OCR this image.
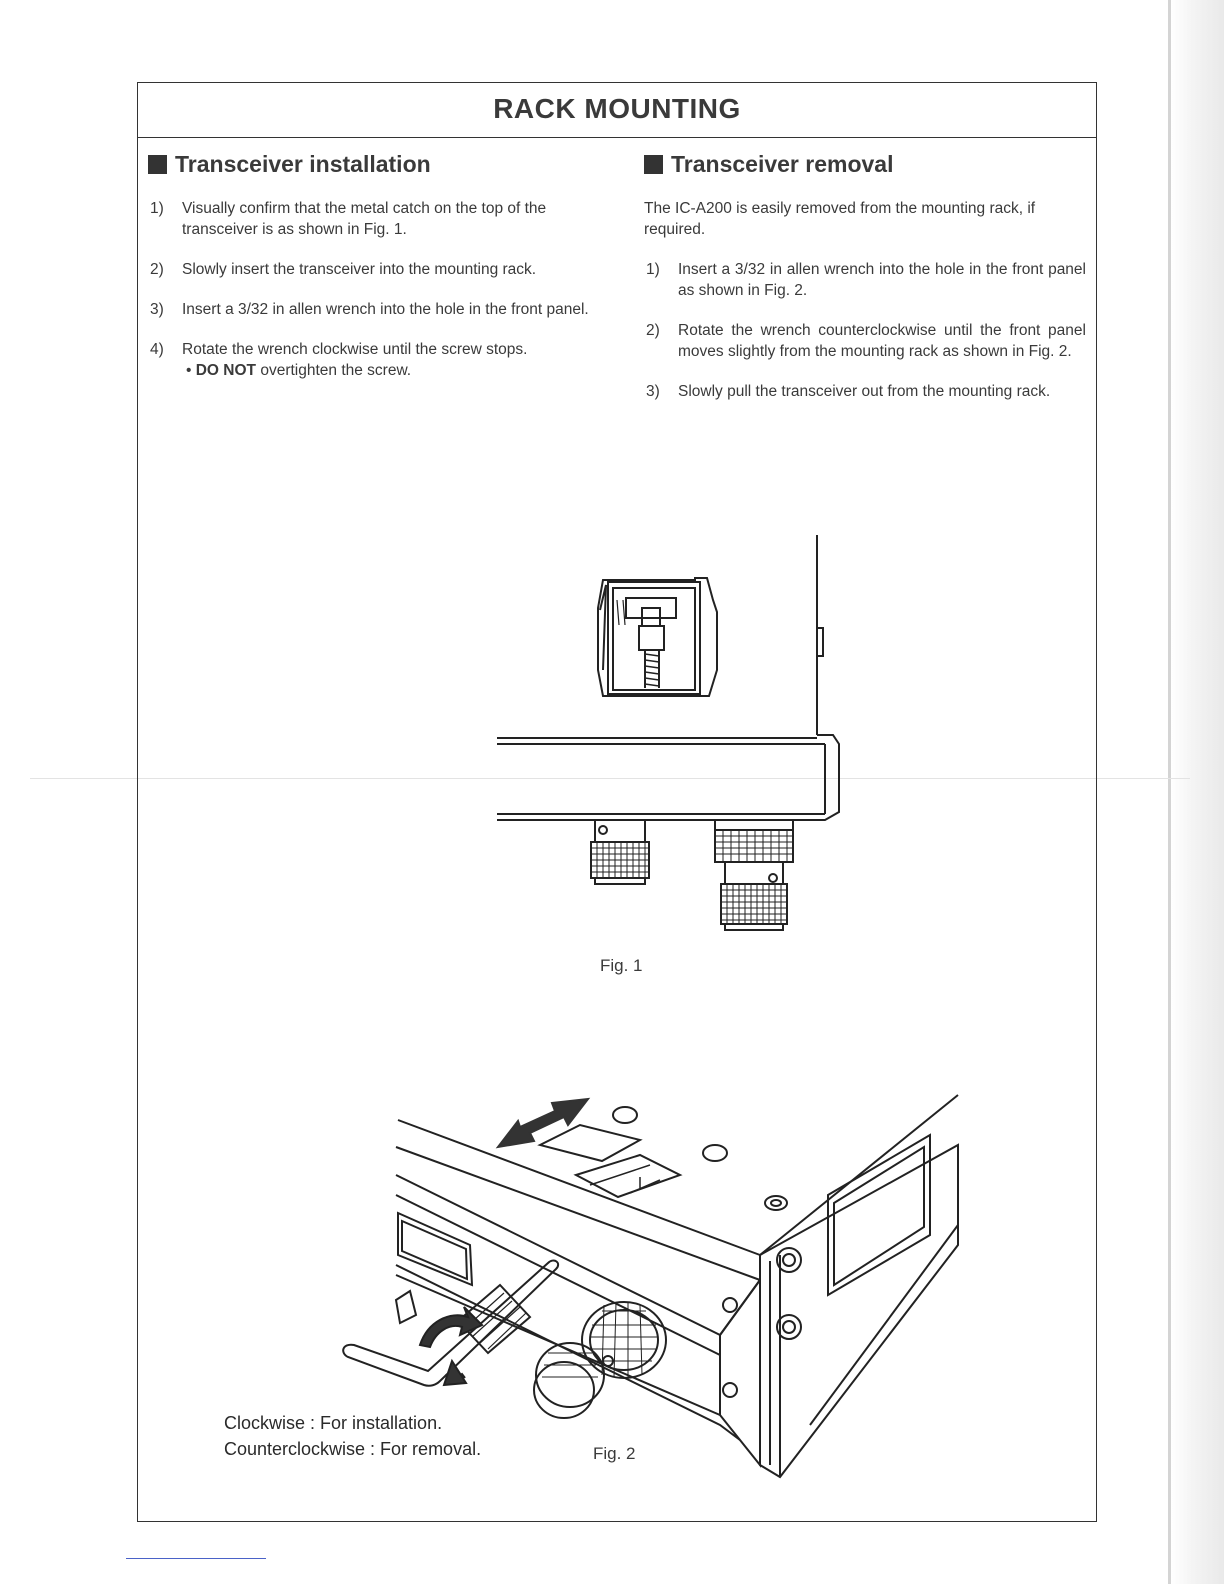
RACK MOUNTING
Transceiver installation
1) Visually confirm that the metal catch on the top of the transceiver is as shown in Fig. 1.
2) Slowly insert the transceiver into the mounting rack.
3) Insert a 3/32 in allen wrench into the hole in the front panel.
4) Rotate the wrench clockwise until the screw stops.
• DO NOT overtighten the screw.
Transceiver removal
The IC-A200 is easily removed from the mounting rack, if required.
1) Insert a 3/32 in allen wrench into the hole in the front panel as shown in Fig. 2.
2) Rotate the wrench counterclockwise until the front panel moves slightly from the mounting rack as shown in Fig. 2.
3) Slowly pull the transceiver out from the mounting rack.
Fig. 1
Clockwise : For installation.
Counterclockwise : For removal.	Fig. 2
